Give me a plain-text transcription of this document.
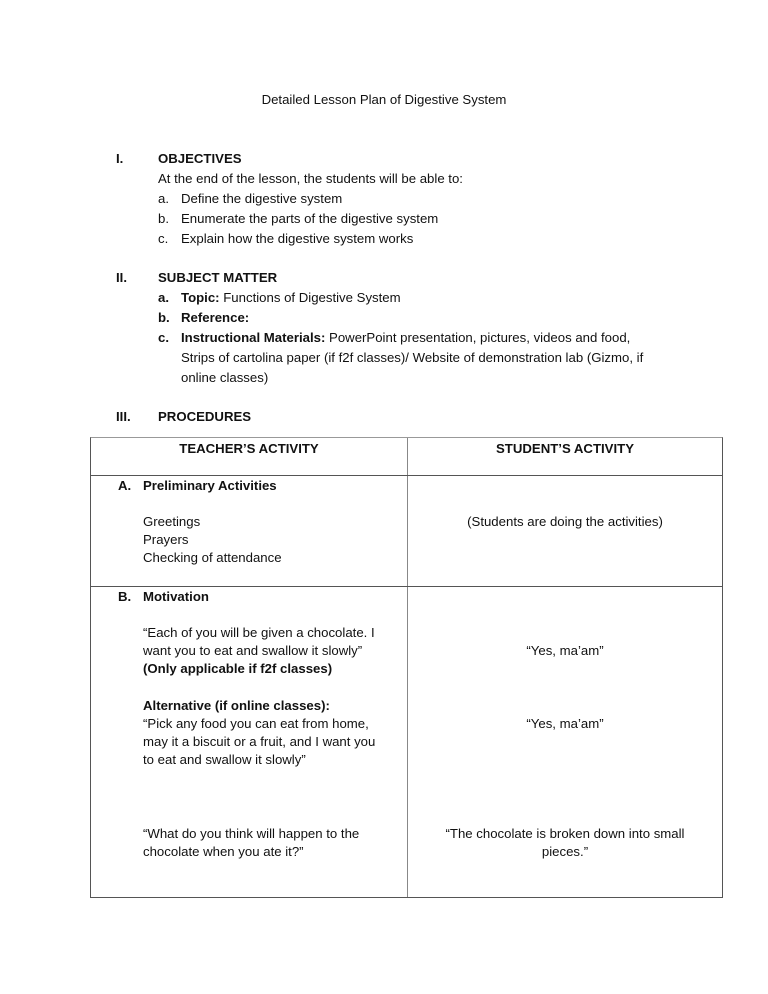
Detailed Lesson Plan of Digestive System
I.	OBJECTIVES
At the end of the lesson, the students will be able to:
a. Define the digestive system
b. Enumerate the parts of the digestive system
c. Explain how the digestive system works
II. SUBJECT MATTER
a. Topic: Functions of Digestive System
b. Reference:
c. Instructional Materials: PowerPoint presentation, pictures, videos and food,
Strips of cartolina paper (if f2f classes)/ Website of demonstration lab (Gizmo, if
online classes)
III. PROCEDURES
TEACHER’S ACTIVITY	STUDENT’S ACTIVITY
A. Preliminary Activities
Greetings
Prayers
Checking of attendance
(Students are doing the activities)
B. Motivation
“Each of you will be given a chocolate. I
want you to eat and swallow it slowly”
(Only applicable if f2f classes)
“Yes, ma’am”
Alternative (if online classes):
“Pick any food you can eat from home,
may it a biscuit or a fruit, and I want you
to eat and swallow it slowly”
“Yes, ma’am”
“What do you think will happen to the
chocolate when you ate it?”
“The chocolate is broken down into small
pieces.”
